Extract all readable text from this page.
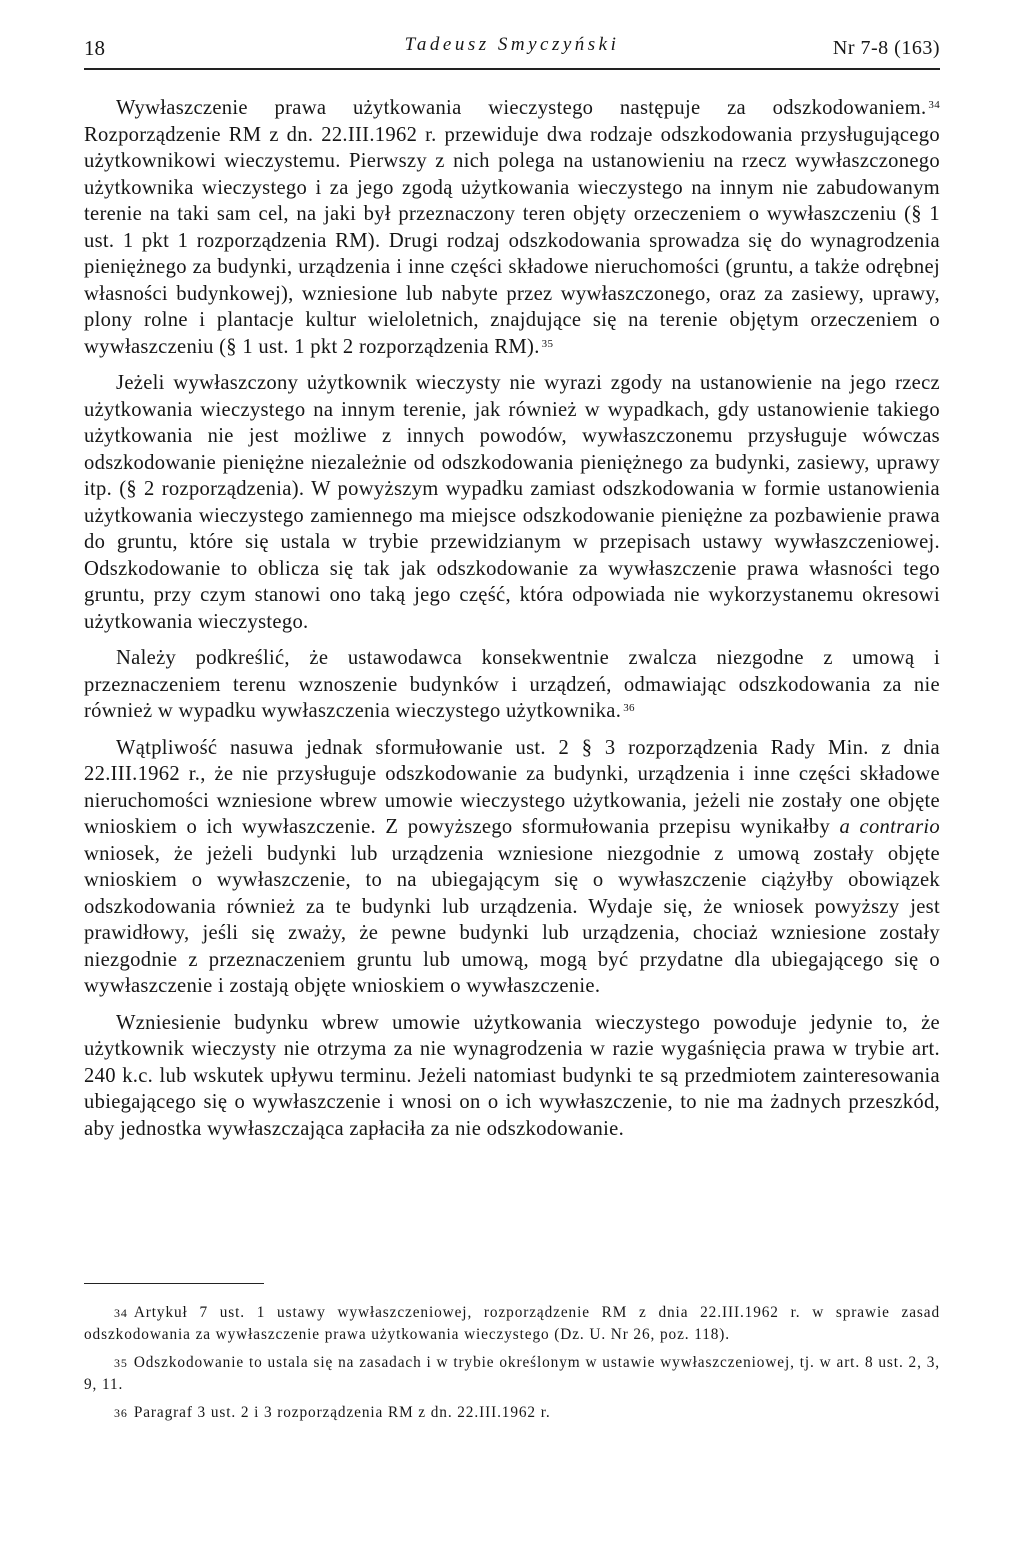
18	Tadeusz Smyczyński	Nr 7-8 (163)

Wywłaszczenie prawa użytkowania wieczystego następuje za odszkodowaniem. $^{34}$ Rozporządzenie RM z dn. 22.III.1962 r. przewiduje dwa rodzaje odszkodowania przysługującego użytkownikowi wieczystemu. Pierwszy z nich polega na ustanowieniu na rzecz wywłaszczonego użytkownika wieczystego i za jego zgodą użytkowania wieczystego na innym nie zabudowanym terenie na taki sam cel, na jaki był przeznaczony teren objęty orzeczeniem o wywłaszczeniu (§ 1 ust. 1 pkt 1 rozporządzenia RM). Drugi rodzaj odszkodowania sprowadza się do wynagrodzenia pieniężnego za budynki, urządzenia i inne części składowe nieruchomości (gruntu, a także odrębnej własności budynkowej), wzniesione lub nabyte przez wywłaszczonego, oraz za zasiewy, uprawy, plony rolne i plantacje kultur wieloletnich, znajdujące się na terenie objętym orzeczeniem o wywłaszczeniu (§ 1 ust. 1 pkt 2 rozporządzenia RM). $^{35}$

Jeżeli wywłaszczony użytkownik wieczysty nie wyrazi zgody na ustanowienie na jego rzecz użytkowania wieczystego na innym terenie, jak również w wypadkach, gdy ustanowienie takiego użytkowania nie jest możliwe z innych powodów, wywłaszczonemu przysługuje wówczas odszkodowanie pieniężne niezależnie od odszkodowania pieniężnego za budynki, zasiewy, uprawy itp. (§ 2 rozporządzenia). W powyższym wypadku zamiast odszkodowania w formie ustanowienia użytkowania wieczystego zamiennego ma miejsce odszkodowanie pieniężne za pozbawienie prawa do gruntu, które się ustala w trybie przewidzianym w przepisach ustawy wywłaszczeniowej. Odszkodowanie to oblicza się tak jak odszkodowanie za wywłaszczenie prawa własności tego gruntu, przy czym stanowi ono taką jego część, która odpowiada nie wykorzystanemu okresowi użytkowania wieczystego.

Należy podkreślić, że ustawodawca konsekwentnie zwalcza niezgodne z umową i przeznaczeniem terenu wznoszenie budynków i urządzeń, odmawiając odszkodowania za nie również w wypadku wywłaszczenia wieczystego użytkownika. $^{36}$

Wątpliwość nasuwa jednak sformułowanie ust. 2 § 3 rozporządzenia Rady Min. z dnia 22.III.1962 r., że nie przysługuje odszkodowanie za budynki, urządzenia i inne części składowe nieruchomości wzniesione wbrew umowie wieczystego użytkowania, jeżeli nie zostały one objęte wnioskiem o ich wywłaszczenie. Z powyższego sformułowania przepisu wynikałby a contrario wniosek, że jeżeli budynki lub urządzenia wzniesione niezgodnie z umową zostały objęte wnioskiem o wywłaszczenie, to na ubiegającym się o wywłaszczenie ciążyłby obowiązek odszkodowania również za te budynki lub urządzenia. Wydaje się, że wniosek powyższy jest prawidłowy, jeśli się zważy, że pewne budynki lub urządzenia, chociaż wzniesione zostały niezgodnie z przeznaczeniem gruntu lub umową, mogą być przydatne dla ubiegającego się o wywłaszczenie i zostają objęte wnioskiem o wywłaszczenie.

Wzniesienie budynku wbrew umowie użytkowania wieczystego powoduje jedynie to, że użytkownik wieczysty nie otrzyma za nie wynagrodzenia w razie wygaśnięcia prawa w trybie art. 240 k.c. lub wskutek upływu terminu. Jeżeli natomiast budynki te są przedmiotem zainteresowania ubiegającego się o wywłaszczenie i wnosi on o ich wywłaszczenie, to nie ma żadnych przeszkód, aby jednostka wywłaszczająca zapłaciła za nie odszkodowanie.

34 Artykuł 7 ust. 1 ustawy wywłaszczeniowej, rozporządzenie RM z dnia 22.III.1962 r. w sprawie zasad odszkodowania za wywłaszczenie prawa użytkowania wieczystego (Dz. U. Nr 26, poz. 118).

35 Odszkodowanie to ustala się na zasadach i w trybie określonym w ustawie wywłaszczeniowej, tj. w art. 8 ust. 2, 3, 9, 11.

36 Paragraf 3 ust. 2 i 3 rozporządzenia RM z dn. 22.III.1962 r.
